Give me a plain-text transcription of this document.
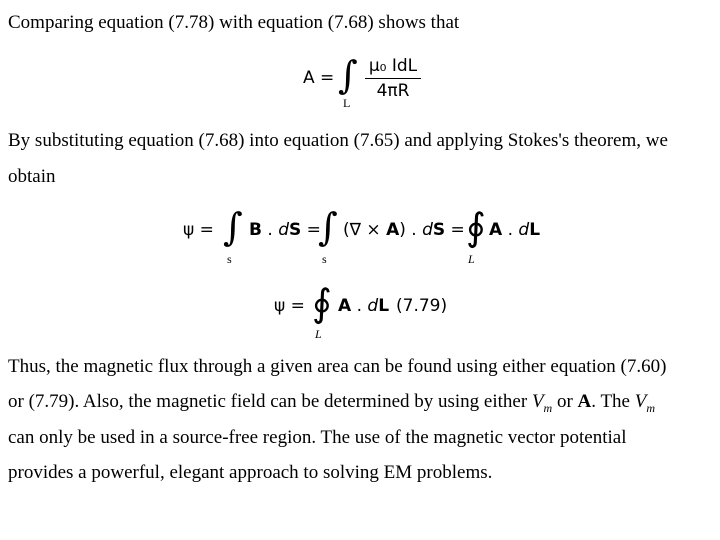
Comparing equation (7.78) with equation (7.68) shows that
A = ∫
L
μ₀ IdL
4πR
By substituting equation (7.68) into equation (7.65) and applying Stokes's theorem, we
obtain
ψ = ∫
s
B . dS =
∫
s
(∇ × A) . dS = ∮
L
A . dL
ψ = ∮
L
A . dL (7.79)
Thus, the magnetic flux through a given area can be found using either equation (7.60)
or (7.79). Also, the magnetic field can be determined by using either $V_m$ or A. The $V_m$
can only be used in a source-free region. The use of the magnetic vector potential
provides a powerful, elegant approach to solving EM problems.
